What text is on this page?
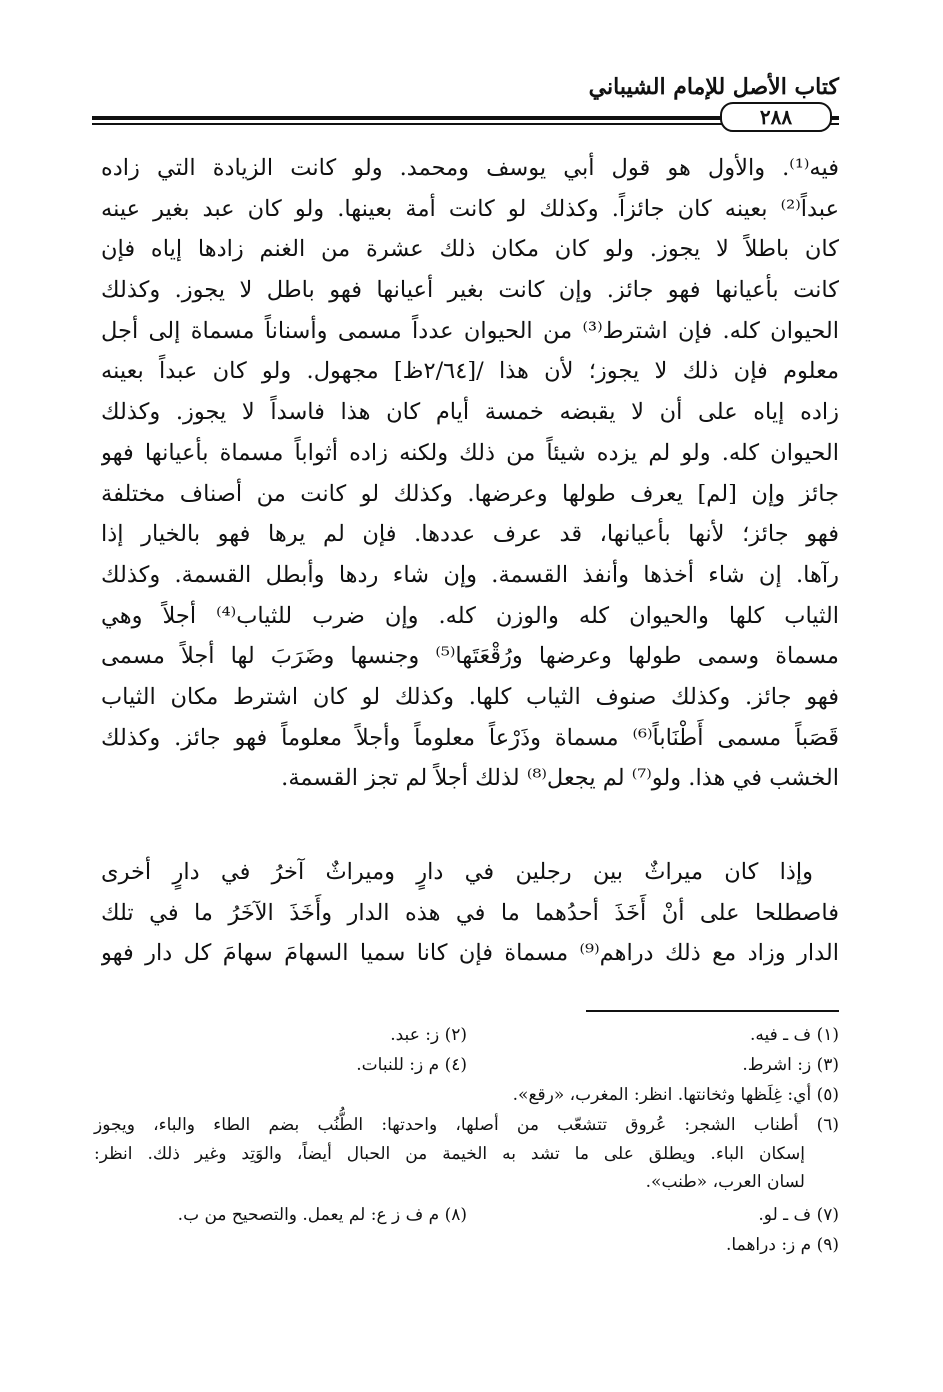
كتاب الأصل للإمام الشيباني
٢٨٨
فيه⁽¹⁾. والأول هو قول أبي يوسف ومحمد. ولو كانت الزيادة التي زاده
عبداً⁽²⁾ بعينه كان جائزاً. وكذلك لو كانت أمة بعينها. ولو كان عبد بغير عينه
كان باطلاً لا يجوز. ولو كان مكان ذلك عشرة من الغنم زادها إياه فإن
كانت بأعيانها فهو جائز. وإن كانت بغير أعيانها فهو باطل لا يجوز. وكذلك
الحيوان كله. فإن اشترط⁽³⁾ من الحيوان عدداً مسمى وأسناناً مسماة إلى أجل
معلوم فإن ذلك لا يجوز؛ لأن هذا /[٢/٦٤ظ] مجهول. ولو كان عبداً بعينه
زاده إياه على أن لا يقبضه خمسة أيام كان هذا فاسداً لا يجوز. وكذلك
الحيوان كله. ولو لم يزده شيئاً من ذلك ولكنه زاده أثواباً مسماة بأعيانها فهو
جائز وإن [لم] يعرف طولها وعرضها. وكذلك لو كانت من أصناف مختلفة
فهو جائز؛ لأنها بأعيانها، قد عرف عددها. فإن لم يرها فهو بالخيار إذا
رآها. إن شاء أخذها وأنفذ القسمة. وإن شاء ردها وأبطل القسمة. وكذلك
الثياب كلها والحيوان كله والوزن كله. وإن ضرب للثياب⁽⁴⁾ أجلاً وهي
مسماة وسمى طولها وعرضها ورُقْعَتَها⁽⁵⁾ وجنسها وضَرَبَ لها أجلاً مسمى
فهو جائز. وكذلك صنوف الثياب كلها. وكذلك لو كان اشترط مكان الثياب
قَصَباً مسمى أَطْنَاباً⁽⁶⁾ مسماة وذَرْعاً معلوماً وأجلاً معلوماً فهو جائز. وكذلك
الخشب في هذا. ولو⁽⁷⁾ لم يجعل⁽⁸⁾ لذلك أجلاً لم تجز القسمة.
وإذا كان ميراثٌ بين رجلين في دارٍ وميراثٌ آخرُ في دارٍ أخرى
فاصطلحا على أنْ أَخَذَ أحدُهما ما في هذه الدار وأَخَذَ الآخَرُ ما في تلك
الدار وزاد مع ذلك دراهم⁽⁹⁾ مسماة فإن كانا سميا السهامَ سهامَ كل دار فهو
(١) ف ـ فيه.
(٢) ز: عبد.
(٣) ز: اشرط.
(٤) م ز: للنبات.
(٥) أي: غِلَظها وثخانتها. انظر: المغرب، «رقع».
(٦) أطناب الشجر: عُروق تتشعّب من أصلها، واحدتها: الطُّنُب بضم الطاء والباء، ويجوز
إسكان الباء. ويطلق على ما تشد به الخيمة من الحبال أيضاً، والوَتِد وغير ذلك. انظر:
لسان العرب، «طنب».
(٧) ف ـ لو.
(٨) م ف ز ع: لم يعمل. والتصحيح من ب.
(٩) م ز: دراهما.
